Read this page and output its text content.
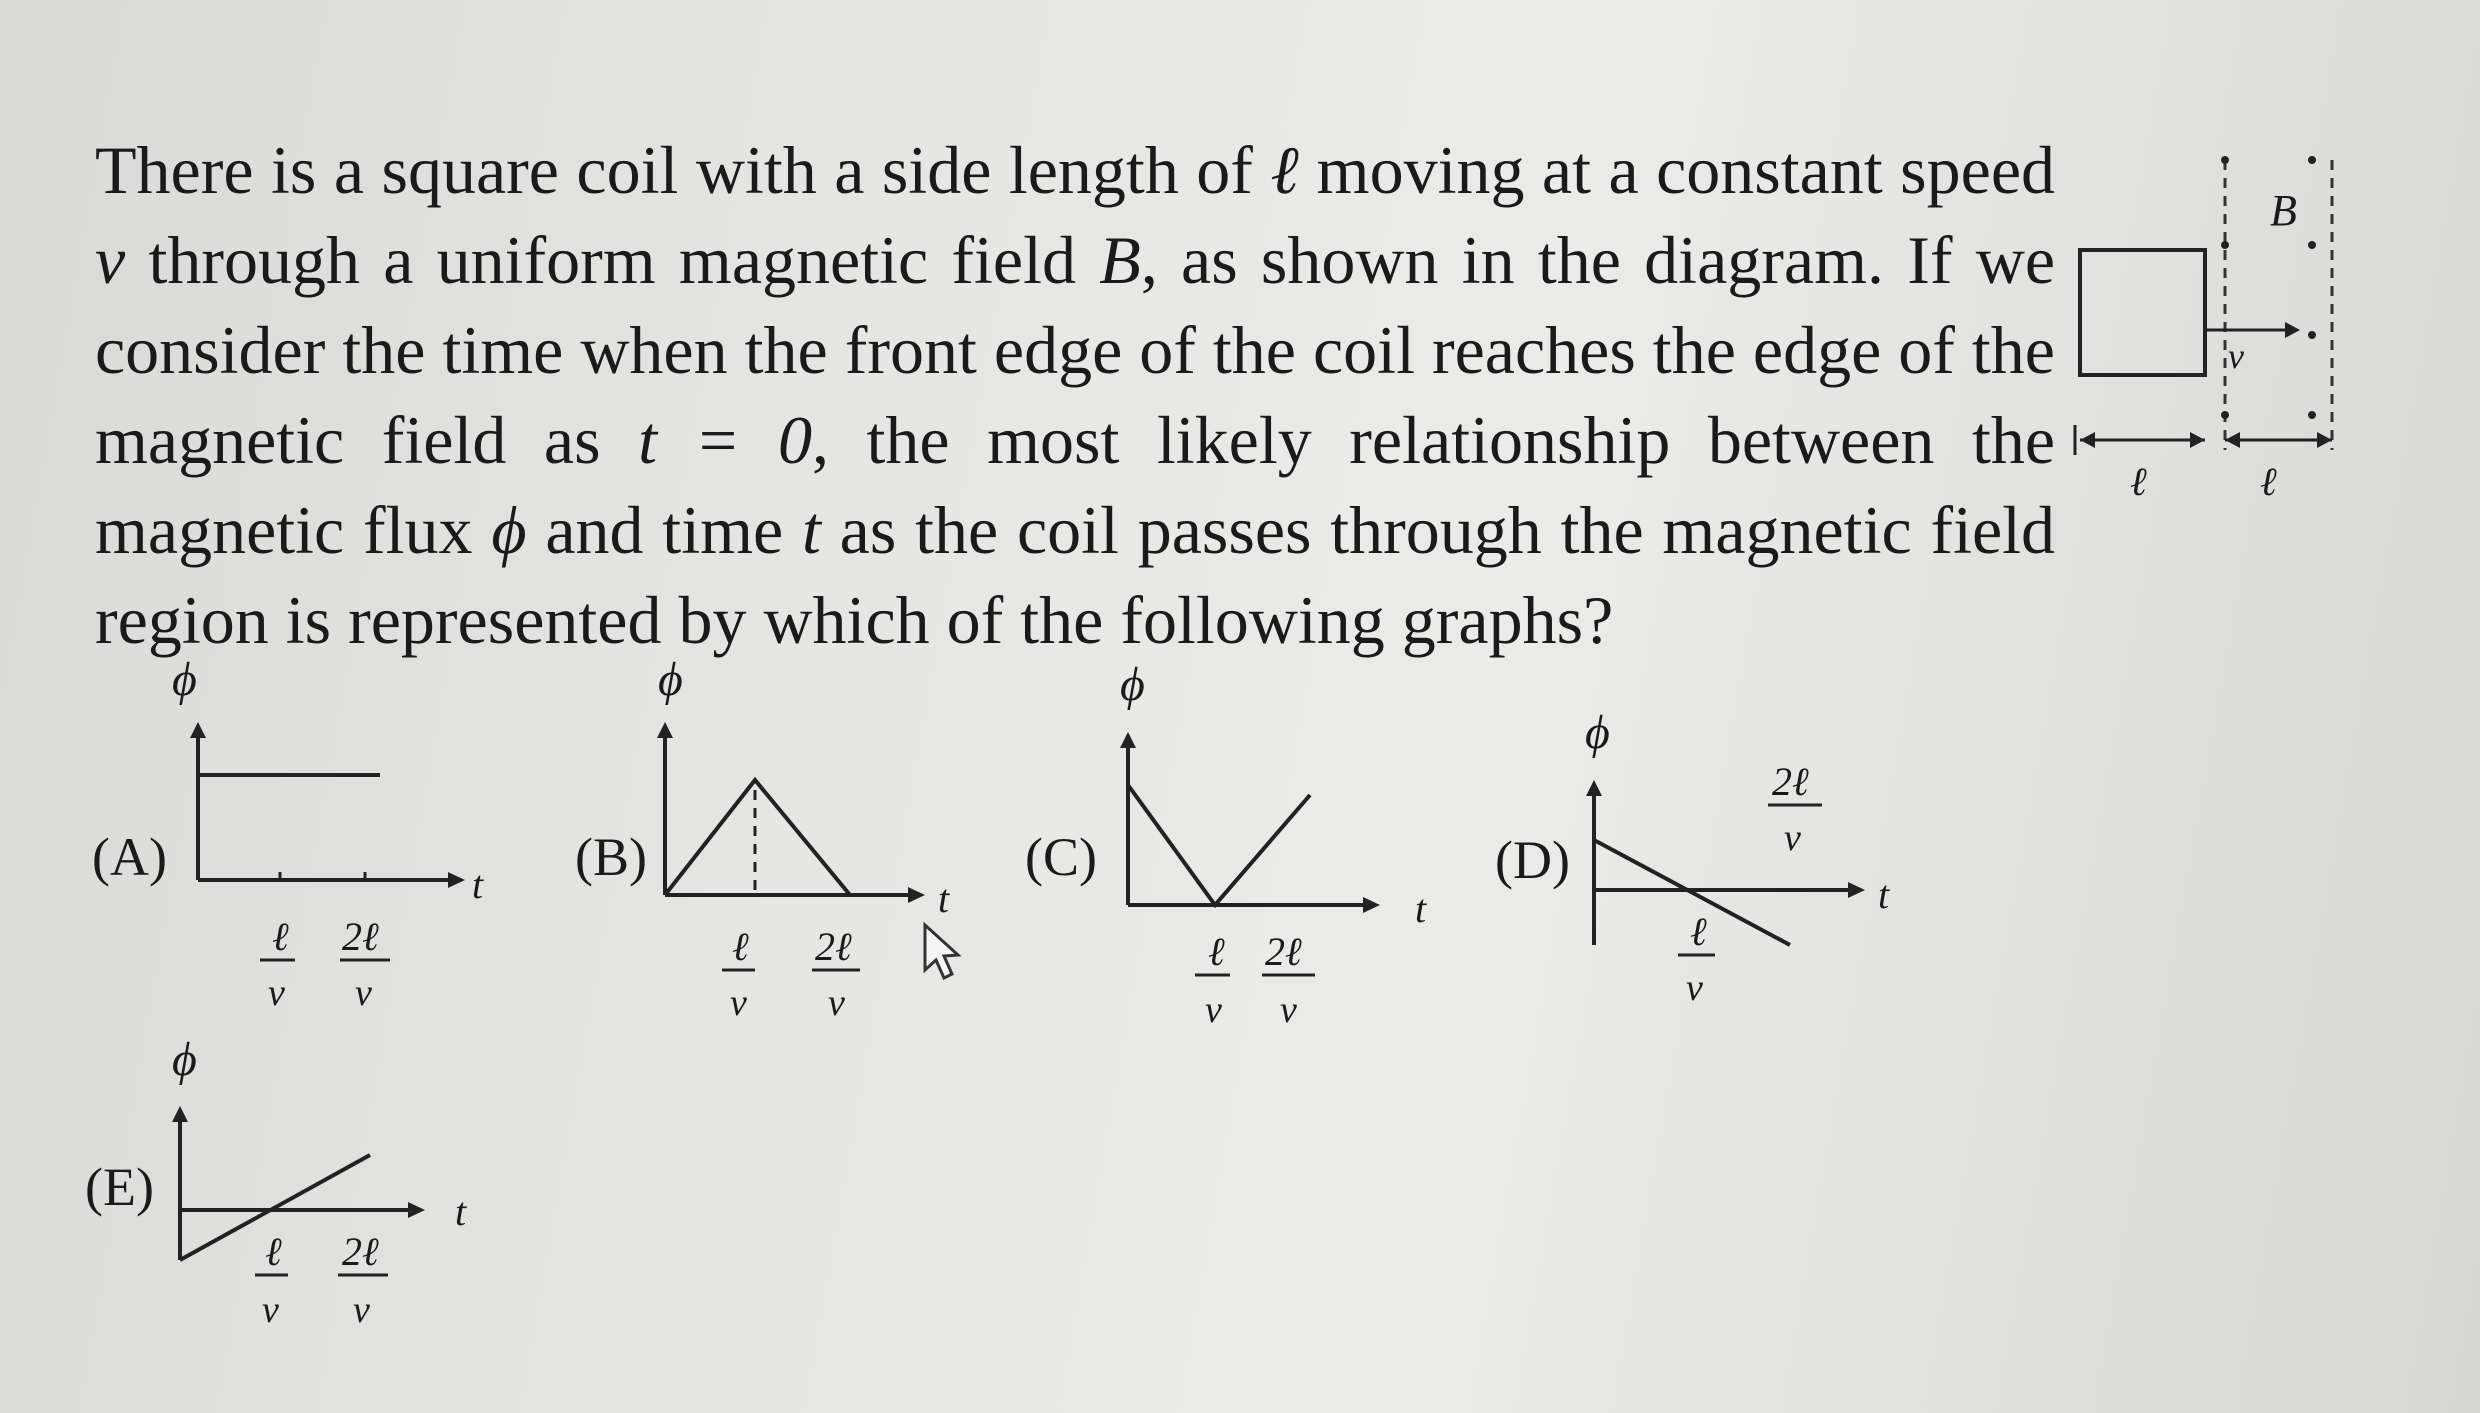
There is a square coil with a side length of ℓ moving at a constant speed v through a uniform magnetic field B, as shown in the diagram. If we consider the time when the front edge of the coil reaches the edge of the magnetic field as t = 0, the most likely relationship between the magnetic flux ϕ and time t as the coil passes through the magnetic field region is represented by which of the following graphs?

B
v
ℓ	ℓ
(A)
ϕ
t
ℓ
v
2ℓ
v
(B)
ϕ
t
ℓ
v
2ℓ
v
(C)
ϕ
t
ℓ
v
2ℓ
v
(D)
ϕ
t
ℓ
v
2ℓ
v
(E)
ϕ
t
ℓ
v
2ℓ
v
